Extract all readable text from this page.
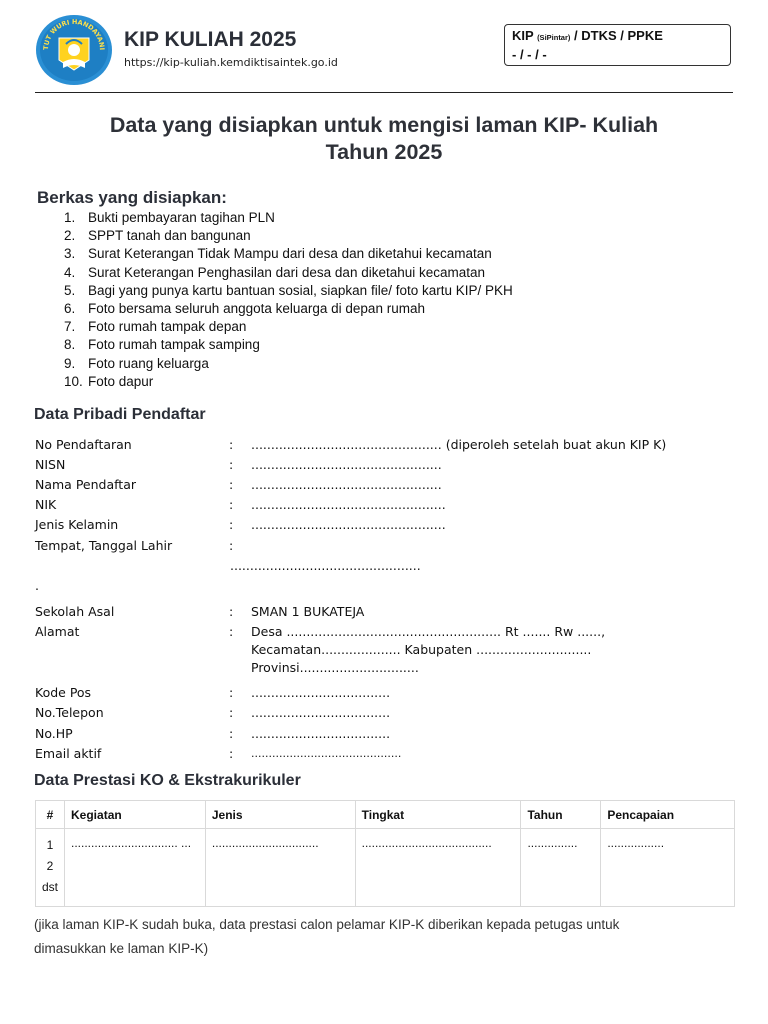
TUT WURI HANDAYANI KIP KULIAH 2025
https://kip-kuliah.kemdiktisaintek.go.id
KIP (SiPintar) / DTKS / PPKE
- / - / -
Data yang disiapkan untuk mengisi laman KIP- Kuliah
Tahun 2025
Berkas yang disiapkan:
1. Bukti pembayaran tagihan PLN
2. SPPT tanah dan bangunan
3. Surat Keterangan Tidak Mampu dari desa dan diketahui kecamatan
4. Surat Keterangan Penghasilan dari desa dan diketahui kecamatan
5. Bagi yang punya kartu bantuan sosial, siapkan file/ foto kartu KIP/ PKH
6. Foto bersama seluruh anggota keluarga di depan rumah
7. Foto rumah tampak depan
8. Foto rumah tampak samping
9. Foto ruang keluarga
10. Foto dapur
Data Pribadi Pendaftar
No Pendaftaran	: ................................................ (diperoleh setelah buat akun KIP K)
NISN	: ................................................
Nama Pendaftar	: ................................................
NIK	: .................................................
Jenis Kelamin	: .................................................
Tempat, Tanggal Lahir	:
................................................
.
Sekolah Asal	: SMAN 1 BUKATEJA
Alamat	: Desa ...................................................... Rt ....... Rw ......,
Kecamatan.................... Kabupaten .............................
Provinsi..............................
Kode Pos	: ...................................
No.Telepon	: ...................................
No.HP	: ...................................
Email aktif	: ...........................................
Data Prestasi KO & Ekstrakurikuler
#	Kegiatan	Jenis	Tingkat	Tahun	Pencapaian

1
2
dst	................................ ...	................................	.......................................	...............	.................
(jika laman KIP-K sudah buka, data prestasi calon pelamar KIP-K diberikan kepada petugas untuk dimasukkan ke laman KIP-K)
